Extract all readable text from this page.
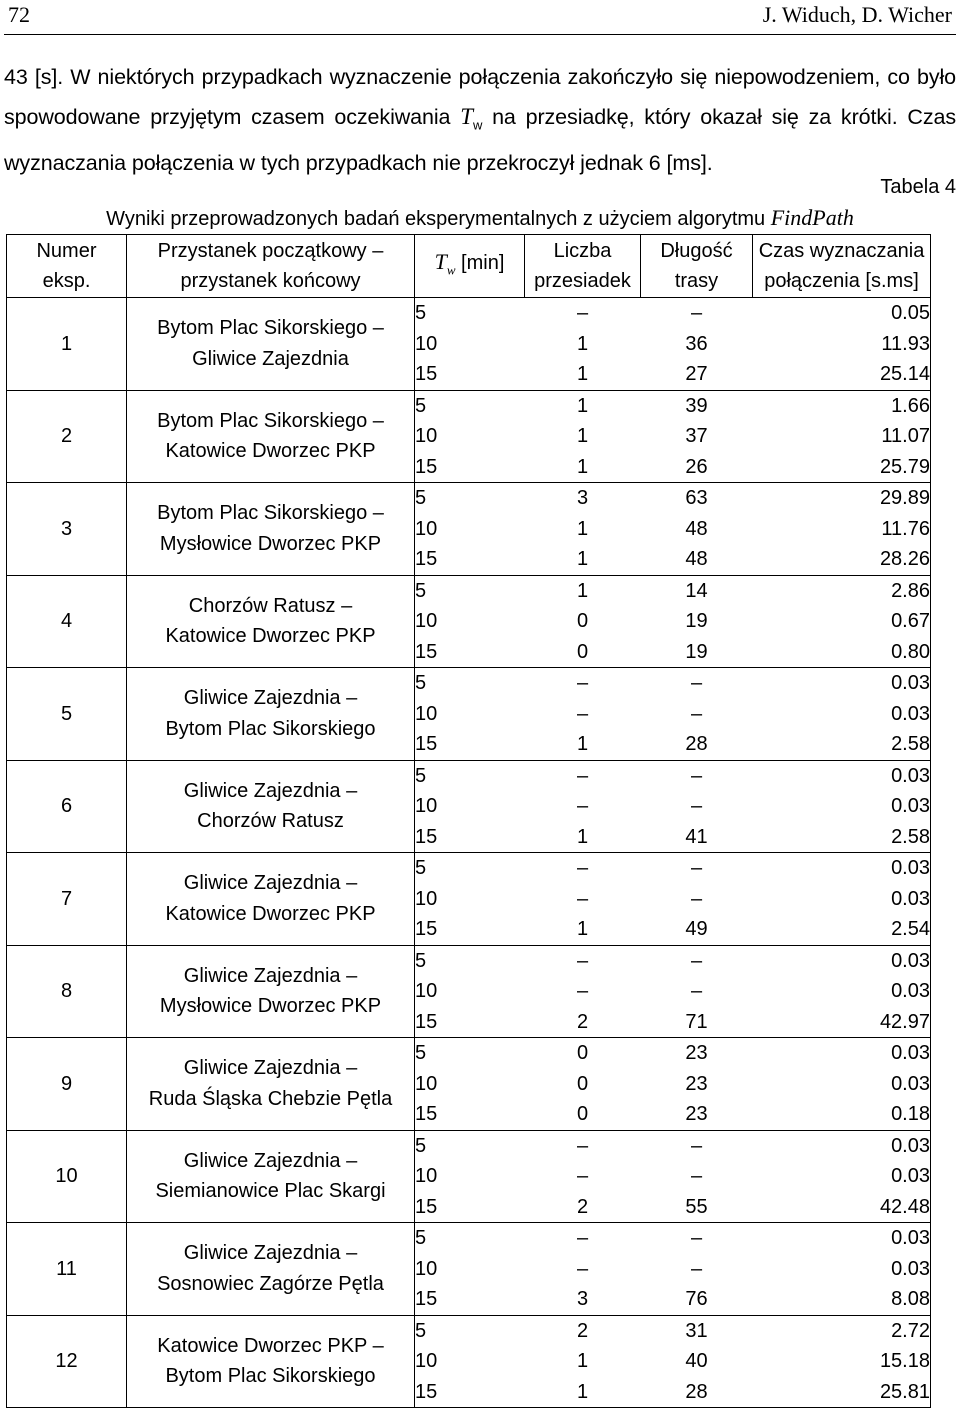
72	J. Widuch, D. Wicher
43 [s]. W niektórych przypadkach wyznaczenie połączenia zakończyło się niepowodzeniem, co było spowodowane przyjętym czasem oczekiwania $T_w$ na przesiadkę, który okazał się za krótki. Czas wyznaczania połączenia w tych przypadkach nie przekroczył jednak 6 [ms].
Tabela 4
Wyniki przeprowadzonych badań eksperymentalnych z użyciem algorytmu FindPath
Numer
eksp.	Przystanek początkowy –
przystanek końcowy	$T_w$ [min]	Liczba
przesiadek	Długość
trasy	Czas wyznaczania
połączenia [s.ms]
1	Bytom Plac Sikorskiego –
Gliwice Zajezdnia	5	–	–	0.05
		10	1	36	11.93
		15	1	27	25.14
2	Bytom Plac Sikorskiego –
Katowice Dworzec PKP	5	1	39	1.66
		10	1	37	11.07
		15	1	26	25.79
3	Bytom Plac Sikorskiego –
Mysłowice Dworzec PKP	5	3	63	29.89
		10	1	48	11.76
		15	1	48	28.26
4	Chorzów Ratusz –
Katowice Dworzec PKP	5	1	14	2.86
		10	0	19	0.67
		15	0	19	0.80
5	Gliwice Zajezdnia –
Bytom Plac Sikorskiego	5	–	–	0.03
		10	–	–	0.03
		15	1	28	2.58
6	Gliwice Zajezdnia –
Chorzów Ratusz	5	–	–	0.03
		10	–	–	0.03
		15	1	41	2.58
7	Gliwice Zajezdnia –
Katowice Dworzec PKP	5	–	–	0.03
		10	–	–	0.03
		15	1	49	2.54
8	Gliwice Zajezdnia –
Mysłowice Dworzec PKP	5	–	–	0.03
		10	–	–	0.03
		15	2	71	42.97
9	Gliwice Zajezdnia –
Ruda Śląska Chebzie Pętla	5	0	23	0.03
		10	0	23	0.03
		15	0	23	0.18
10	Gliwice Zajezdnia –
Siemianowice Plac Skargi	5	–	–	0.03
		10	–	–	0.03
		15	2	55	42.48
11	Gliwice Zajezdnia –
Sosnowiec Zagórze Pętla	5	–	–	0.03
		10	–	–	0.03
		15	3	76	8.08
12	Katowice Dworzec PKP –
Bytom Plac Sikorskiego	5	2	31	2.72
		10	1	40	15.18
		15	1	28	25.81
